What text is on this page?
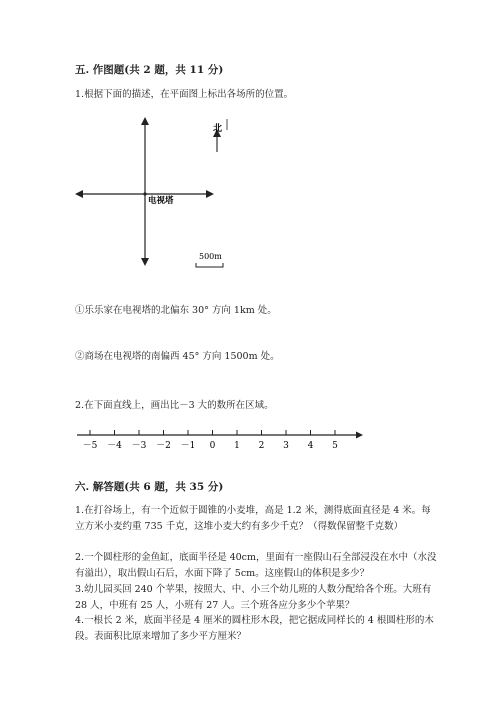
五. 作图题(共 2 题，共 11 分)
1.根据下面的描述，在平面图上标出各场所的位置。
北
电视塔
500m
－5 －4 －3 －2 －1 0 1 2 3 4 5
①乐乐家在电视塔的北偏东 30° 方向 1km 处。
②商场在电视塔的南偏西 45° 方向 1500m 处。
2.在下面直线上，画出比－3 大的数所在区域。
六. 解答题(共 6 题，共 35 分)
1.在打谷场上，有一个近似于圆锥的小麦堆，高是 1.2 米，测得底面直径是 4 米。每立方米小麦约重 735 千克，这堆小麦大约有多少千克？（得数保留整千克数）
2.一个圆柱形的金鱼缸，底面半径是 40cm，里面有一座假山石全部浸没在水中（水没有溢出），取出假山石后，水面下降了 5cm。这座假山的体积是多少？
3.幼儿园买回 240 个苹果，按照大、中、小三个幼儿班的人数分配给各个班。大班有 28 人，中班有 25 人，小班有 27 人。三个班各应分多少个苹果？
4.一根长 2 米，底面半径是 4 厘米的圆柱形木段，把它据成同样长的 4 根圆柱形的木段。表面积比原来增加了多少平方厘米？
